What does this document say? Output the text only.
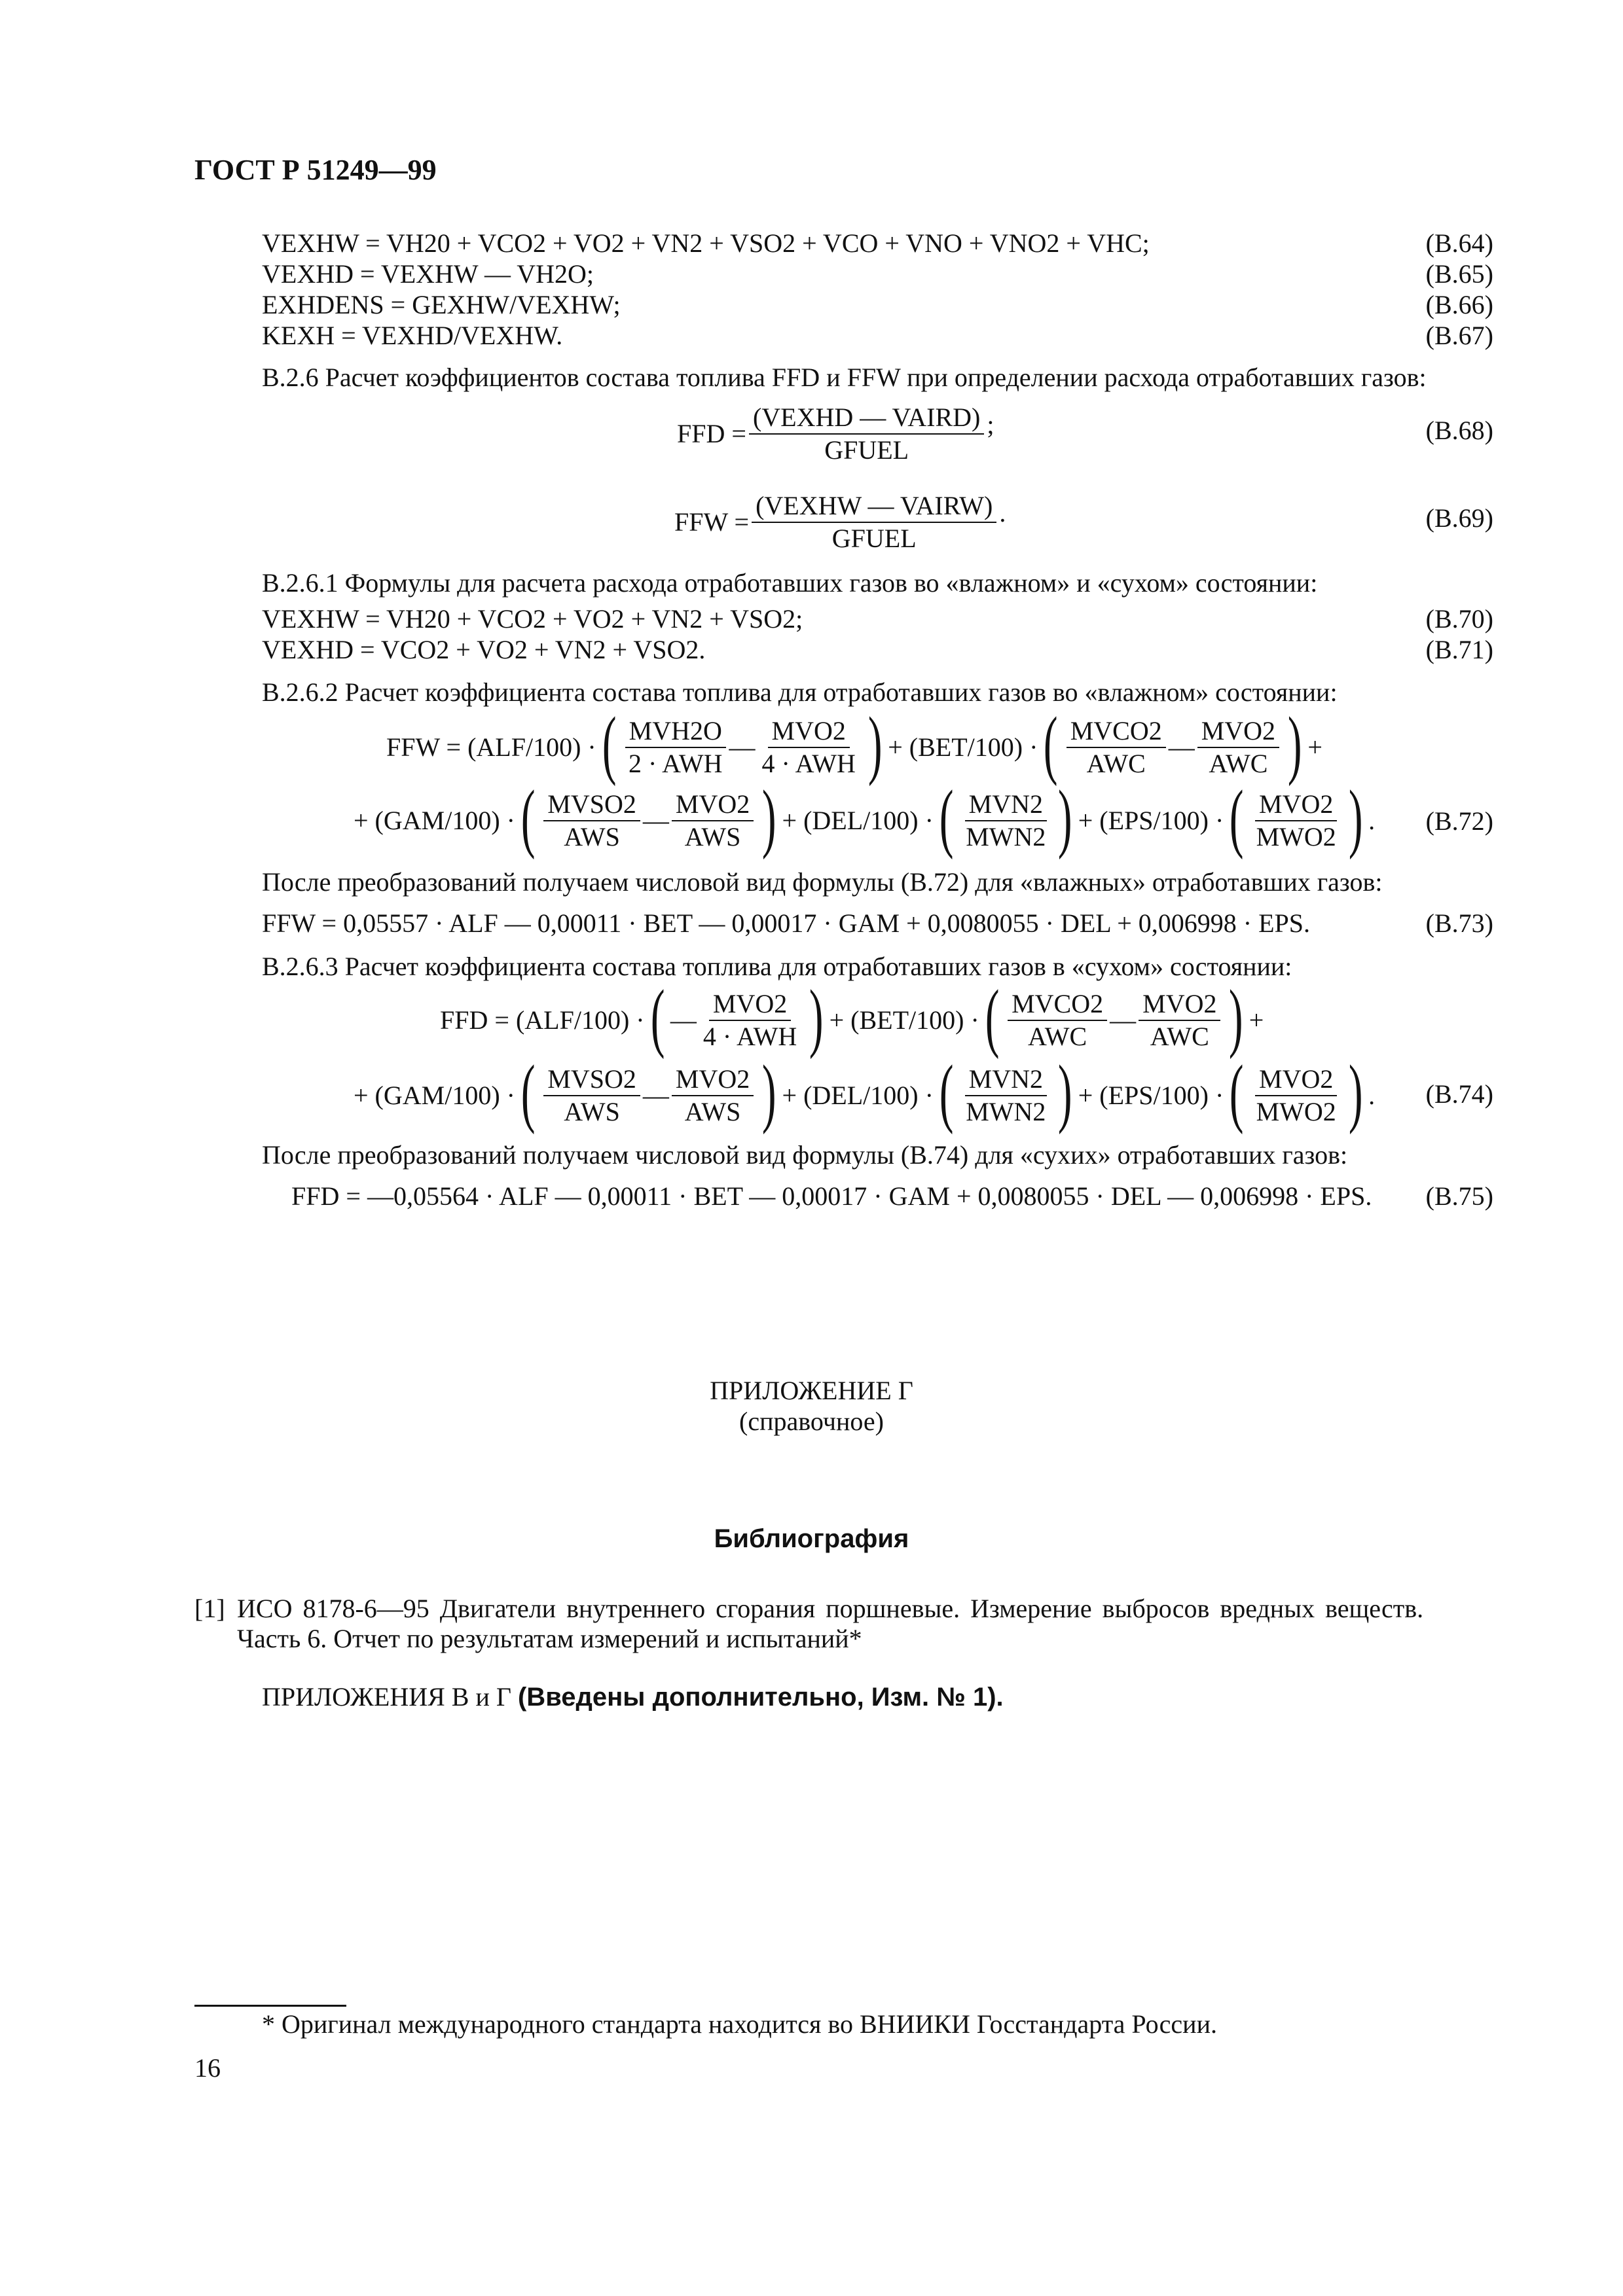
ГОСТ Р 51249—99
VEXHW = VH20 + VCO2 + VO2 + VN2 + VSO2 + VCO + VNO + VNO2 + VHC;	(В.64)
VEXHD = VEXHW — VH2O;	(В.65)
EXHDENS = GEXHW/VEXHW;	(В.66)
KEXH = VEXHD/VEXHW.	(В.67)
В.2.6 Расчет коэффициентов состава топлива FFD и FFW при определении расхода отработавших газов:
FFD = $\frac{\text{(VEXHD — VAIRD)}}{\text{GFUEL}}$ ;	(В.68)
FFW = $\frac{\text{(VEXHW — VAIRW)}}{\text{GFUEL}}$ .	(В.69)
В.2.6.1 Формулы для расчета расхода отработавших газов во «влажном» и «сухом» состоянии:
VEXHW = VH20 + VCO2 + VO2 + VN2 + VSO2;	(В.70)
VEXHD = VCO2 + VO2 + VN2 + VSO2.	(В.71)
В.2.6.2 Расчет коэффициента состава топлива для отработавших газов во «влажном» состоянии:
FFW = (ALF/100) · ( $\frac{\text{MVH2O}}{\text{2 · AWH}}$ — $\frac{\text{MVO2}}{\text{4 · AWH}}$ ) + (BET/100) · ( $\frac{\text{MVCO2}}{\text{AWC}}$ — $\frac{\text{MVO2}}{\text{AWC}}$ ) +
+ (GAM/100) · ( $\frac{\text{MVSO2}}{\text{AWS}}$ — $\frac{\text{MVO2}}{\text{AWS}}$ ) + (DEL/100) · ( $\frac{\text{MVN2}}{\text{MWN2}}$ ) + (EPS/100) · ( $\frac{\text{MVO2}}{\text{MWO2}}$ ) . (В.72)
После преобразований получаем числовой вид формулы (В.72) для «влажных» отработавших газов:
FFW = 0,05557 · ALF — 0,00011 · BET — 0,00017 · GAM + 0,0080055 · DEL + 0,006998 · EPS.	(В.73)
В.2.6.3 Расчет коэффициента состава топлива для отработавших газов в «сухом» состоянии:
FFD = (ALF/100) · ( — $\frac{\text{MVO2}}{\text{4 · AWH}}$ ) + (BET/100) · ( $\frac{\text{MVCO2}}{\text{AWC}}$ — $\frac{\text{MVO2}}{\text{AWC}}$ ) +
+ (GAM/100) · ( $\frac{\text{MVSO2}}{\text{AWS}}$ — $\frac{\text{MVO2}}{\text{AWS}}$ ) + (DEL/100) · ( $\frac{\text{MVN2}}{\text{MWN2}}$ ) + (EPS/100) · ( $\frac{\text{MVO2}}{\text{MWO2}}$ ) . (В.74)
После преобразований получаем числовой вид формулы (В.74) для «сухих» отработавших газов:
FFD = —0,05564 · ALF — 0,00011 · BET — 0,00017 · GAM + 0,0080055 · DEL — 0,006998 · EPS. (В.75)
ПРИЛОЖЕНИЕ Г
(справочное)
Библиография
[1] ИСО 8178-6—95 Двигатели внутреннего сгорания поршневые. Измерение выбросов вредных веществ.
Часть 6. Отчет по результатам измерений и испытаний*
ПРИЛОЖЕНИЯ В и Г (Введены дополнительно, Изм. № 1).
* Оригинал международного стандарта находится во ВНИИКИ Госстандарта России.
16
